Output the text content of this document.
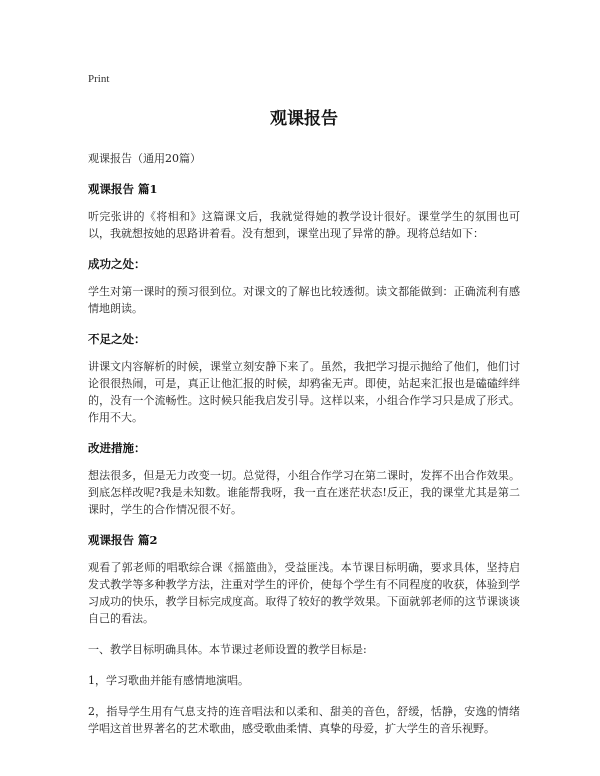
Print
观课报告
观课报告（通用20篇）
观课报告 篇1
听完张讲的《将相和》这篇课文后，我就觉得她的教学设计很好。课堂学生的氛围也可以，我就想按她的思路讲着看。没有想到，课堂出现了异常的静。现将总结如下：
成功之处：
学生对第一课时的预习很到位。对课文的了解也比较透彻。读文都能做到：正确流利有感情地朗读。
不足之处：
讲课文内容解析的时候，课堂立刻安静下来了。虽然，我把学习提示抛给了他们，他们讨论很很热闹，可是，真正让他汇报的时候，却鸦雀无声。即使，站起来汇报也是磕磕绊绊的，没有一个流畅性。这时候只能我启发引导。这样以来，小组合作学习只是成了形式。作用不大。
改进措施：
想法很多，但是无力改变一切。总觉得，小组合作学习在第二课时，发挥不出合作效果。到底怎样改呢?我是未知数。谁能帮我呀，我一直在迷茫状态!反正，我的课堂尤其是第二课时，学生的合作情况很不好。
观课报告 篇2
观看了郭老师的唱歌综合课《摇篮曲》，受益匪浅。本节课目标明确，要求具体，坚持启发式教学等多种教学方法，注重对学生的评价，使每个学生有不同程度的收获，体验到学习成功的快乐，教学目标完成度高。取得了较好的教学效果。下面就郭老师的这节课谈谈自己的看法。
一、教学目标明确具体。本节课过老师设置的教学目标是:
1，学习歌曲并能有感情地演唱。
2，指导学生用有气息支持的连音唱法和以柔和、甜美的音色，舒缓，恬静，安逸的情绪学唱这首世界著名的艺术歌曲，感受歌曲柔情、真挚的母爱，扩大学生的音乐视野。
